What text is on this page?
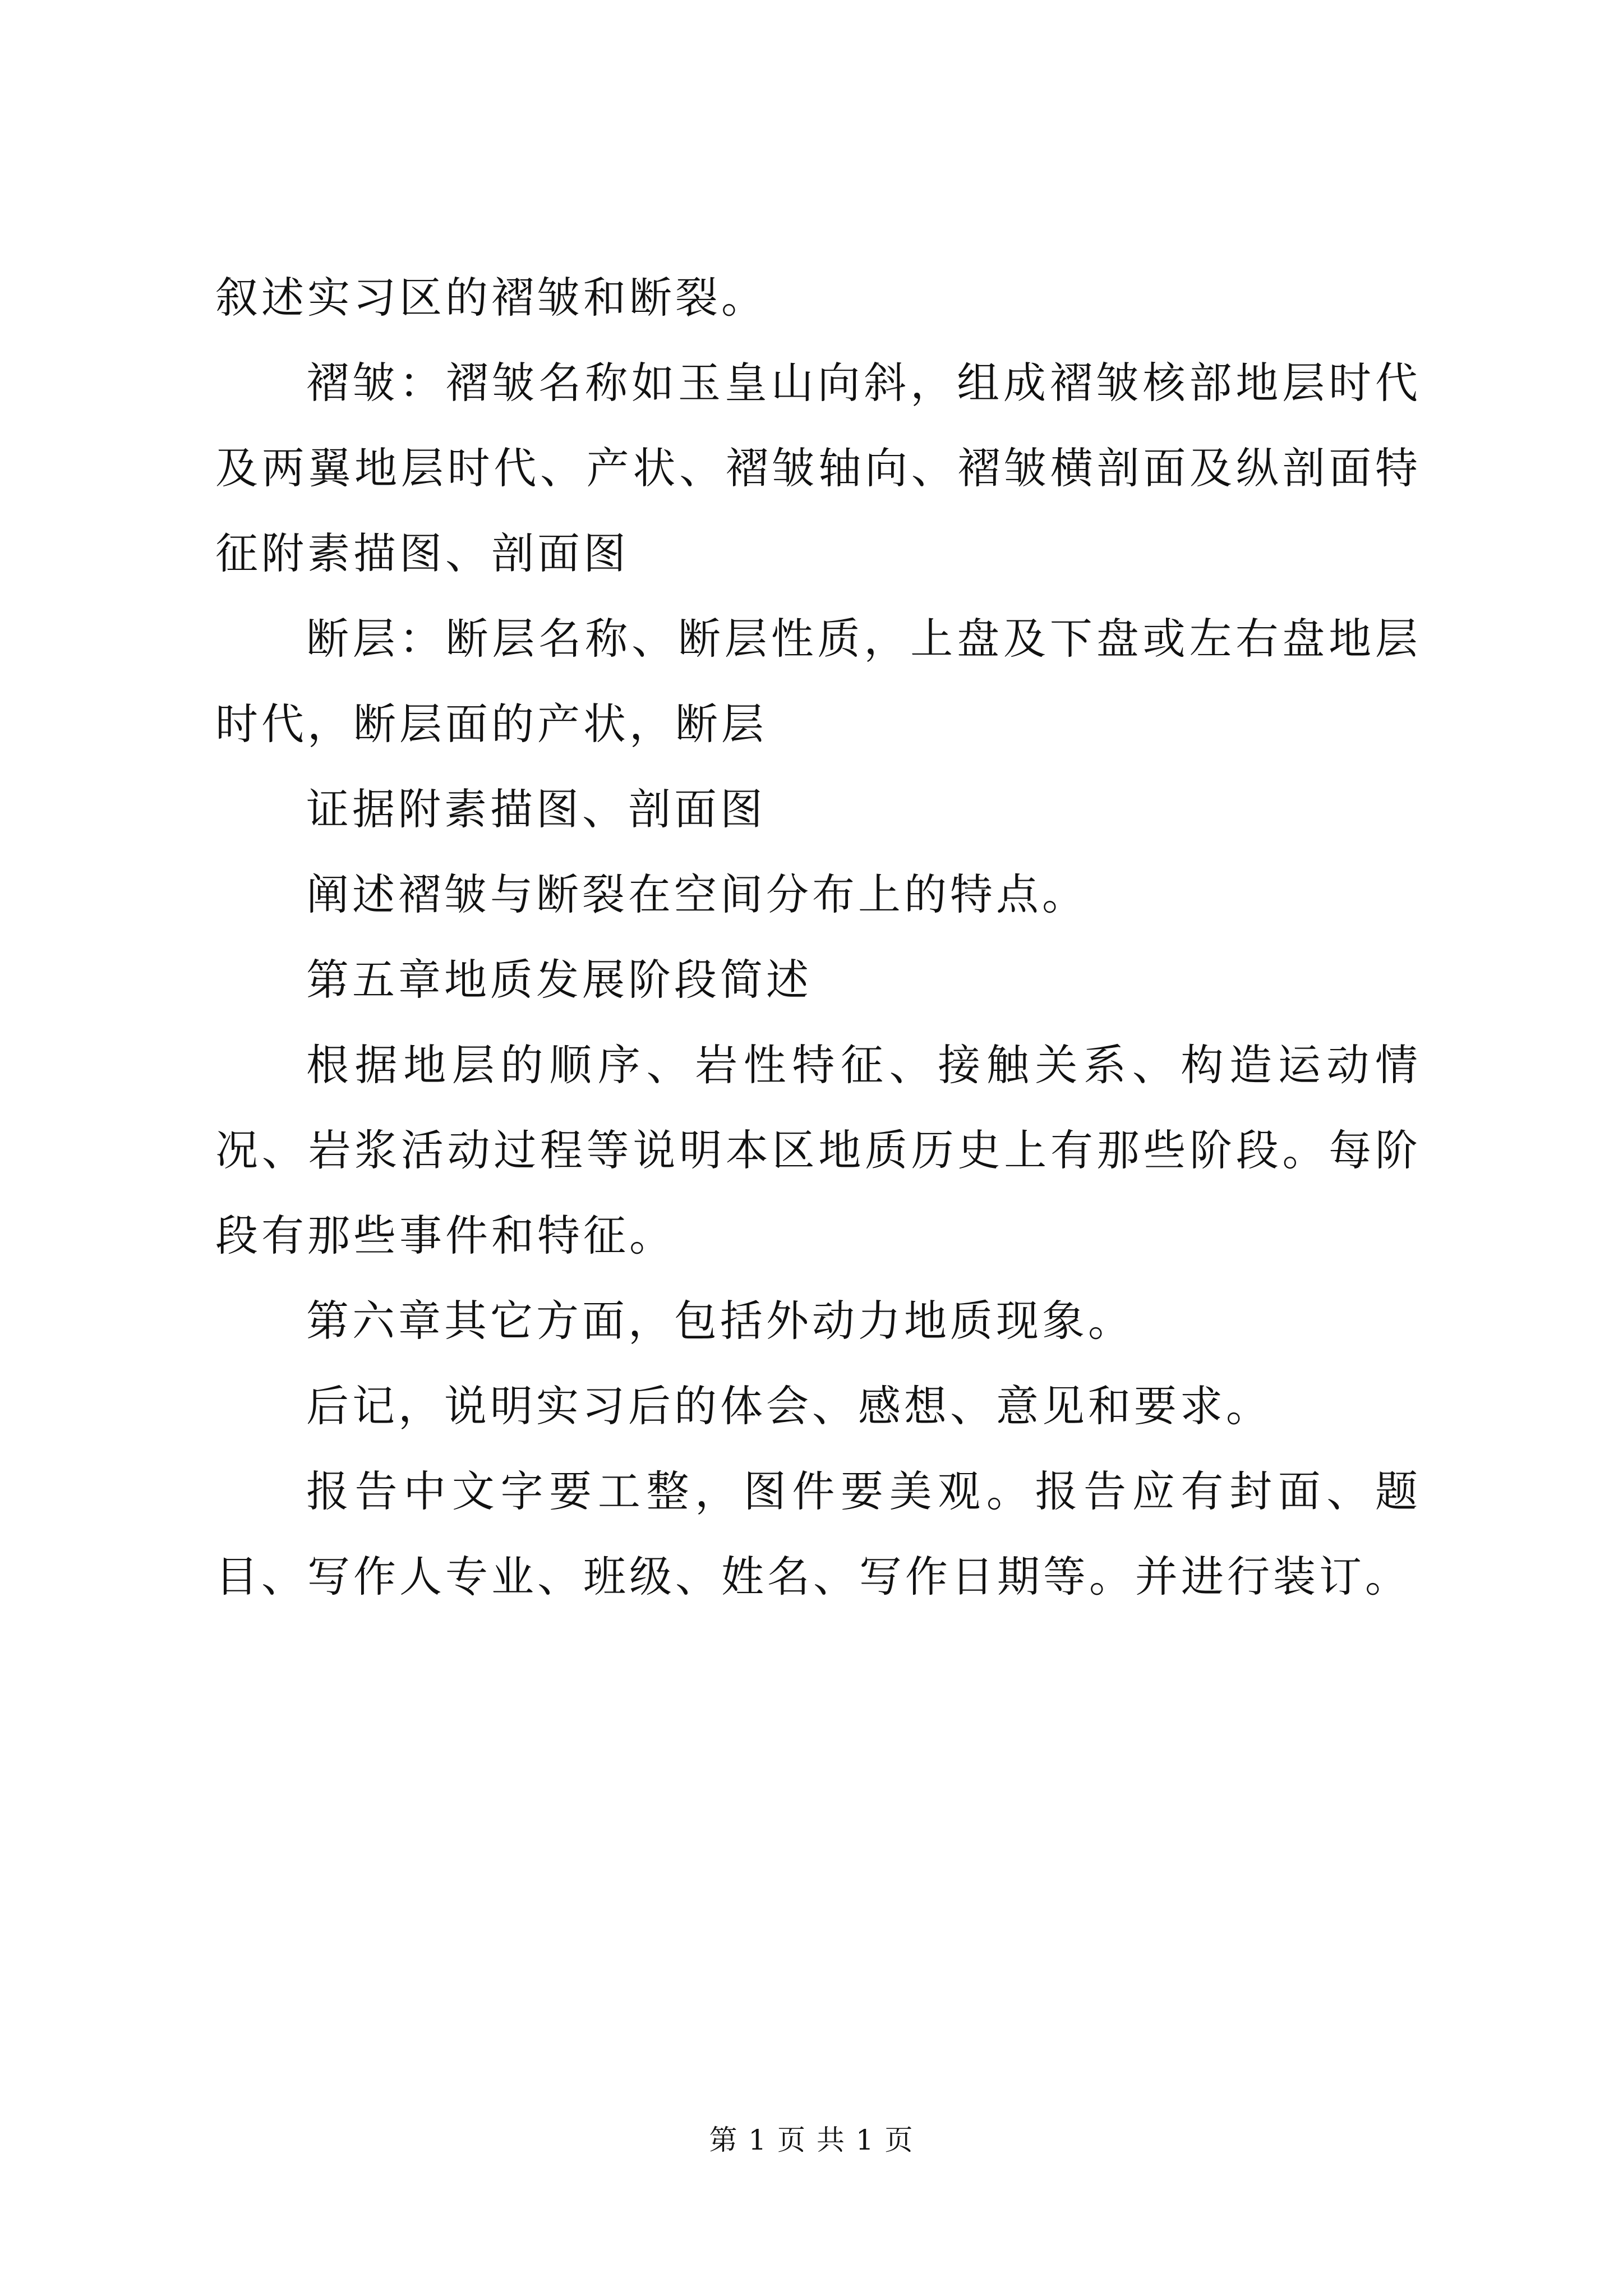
叙述实习区的褶皱和断裂。

褶皱：褶皱名称如玉皇山向斜，组成褶皱核部地层时代及两翼地层时代、产状、褶皱轴向、褶皱横剖面及纵剖面特征附素描图、剖面图

断层：断层名称、断层性质，上盘及下盘或左右盘地层时代，断层面的产状，断层

证据附素描图、剖面图

阐述褶皱与断裂在空间分布上的特点。

第五章地质发展阶段简述

根据地层的顺序、岩性特征、接触关系、构造运动情况、岩浆活动过程等说明本区地质历史上有那些阶段。每阶段有那些事件和特征。

第六章其它方面，包括外动力地质现象。

后记，说明实习后的体会、感想、意见和要求。

报告中文字要工整，图件要美观。报告应有封面、题目、写作人专业、班级、姓名、写作日期等。并进行装订。

第 1 页 共 1 页
